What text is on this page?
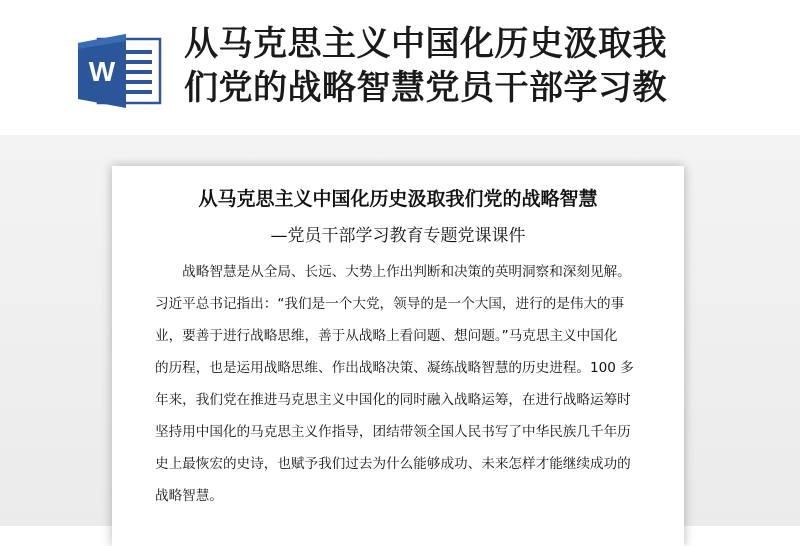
W
从马克思主义中国化历史汲取我
们党的战略智慧党员干部学习教
从马克思主义中国化历史汲取我们党的战略智慧
—党员干部学习教育专题党课课件
　　战略智慧是从全局、长远、大势上作出判断和决策的英明洞察和深刻见解。
习近平总书记指出：“我们是一个大党，领导的是一个大国，进行的是伟大的事
业，要善于进行战略思维，善于从战略上看问题、想问题。”马克思主义中国化
的历程，也是运用战略思维、作出战略决策、凝练战略智慧的历史进程。100 多
年来，我们党在推进马克思主义中国化的同时融入战略运筹，在进行战略运筹时
坚持用中国化的马克思主义作指导，团结带领全国人民书写了中华民族几千年历
史上最恢宏的史诗，也赋予我们过去为什么能够成功、未来怎样才能继续成功的
战略智慧。
